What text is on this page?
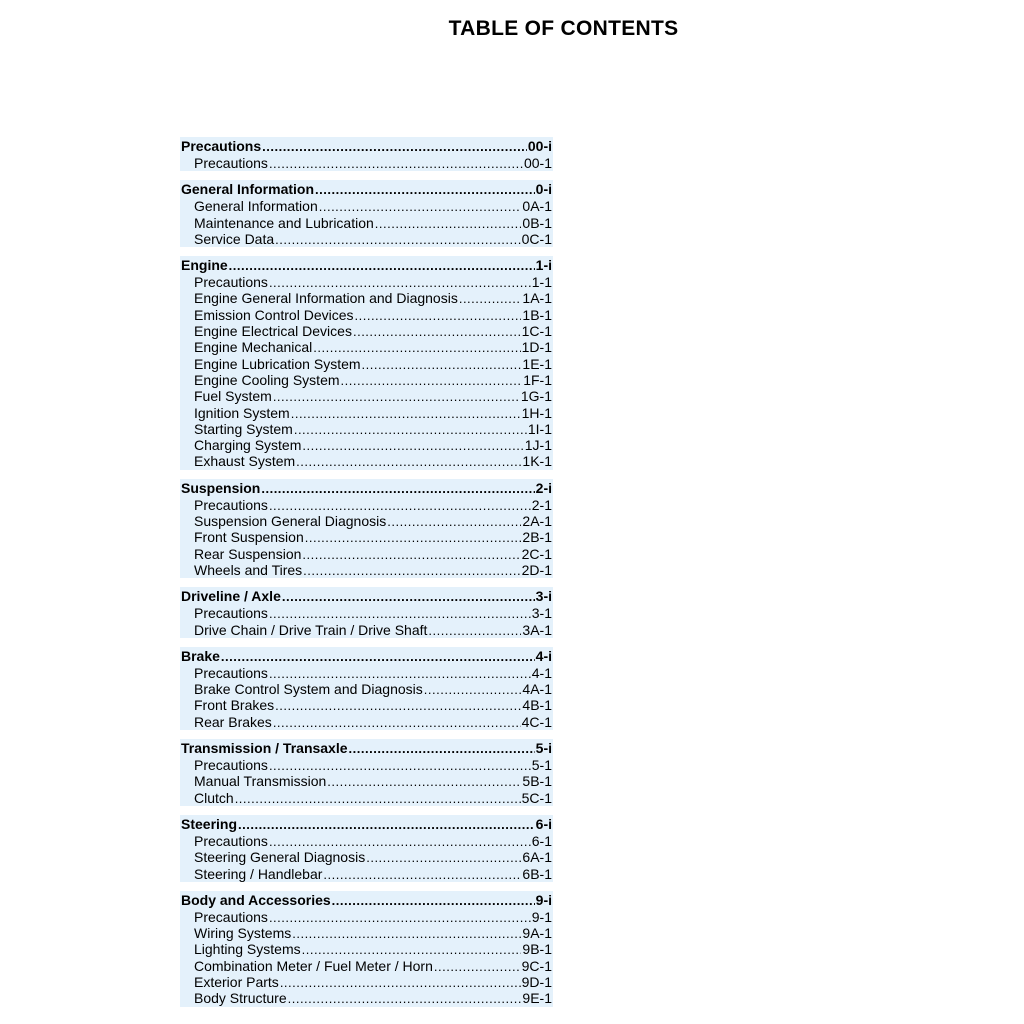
TABLE OF CONTENTS
Precautions .....	00-i
Precautions .....	00-1
General Information .....	0-i
General Information .....	0A-1
Maintenance and Lubrication .....	0B-1
Service Data .....	0C-1
Engine .....	1-i
Precautions .....	1-1
Engine General Information and Diagnosis .....	1A-1
Emission Control Devices .....	1B-1
Engine Electrical Devices .....	1C-1
Engine Mechanical .....	1D-1
Engine Lubrication System .....	1E-1
Engine Cooling System .....	1F-1
Fuel System .....	1G-1
Ignition System .....	1H-1
Starting System .....	1I-1
Charging System .....	1J-1
Exhaust System .....	1K-1
Suspension .....	2-i
Precautions .....	2-1
Suspension General Diagnosis .....	2A-1
Front Suspension .....	2B-1
Rear Suspension .....	2C-1
Wheels and Tires .....	2D-1
Driveline / Axle .....	3-i
Precautions .....	3-1
Drive Chain / Drive Train / Drive Shaft .....	3A-1
Brake .....	4-i
Precautions .....	4-1
Brake Control System and Diagnosis .....	4A-1
Front Brakes .....	4B-1
Rear Brakes .....	4C-1
Transmission / Transaxle .....	5-i
Precautions .....	5-1
Manual Transmission .....	5B-1
Clutch .....	5C-1
Steering .....	6-i
Precautions .....	6-1
Steering General Diagnosis .....	6A-1
Steering / Handlebar .....	6B-1
Body and Accessories .....	9-i
Precautions .....	9-1
Wiring Systems .....	9A-1
Lighting Systems .....	9B-1
Combination Meter / Fuel Meter / Horn .....	9C-1
Exterior Parts .....	9D-1
Body Structure .....	9E-1
